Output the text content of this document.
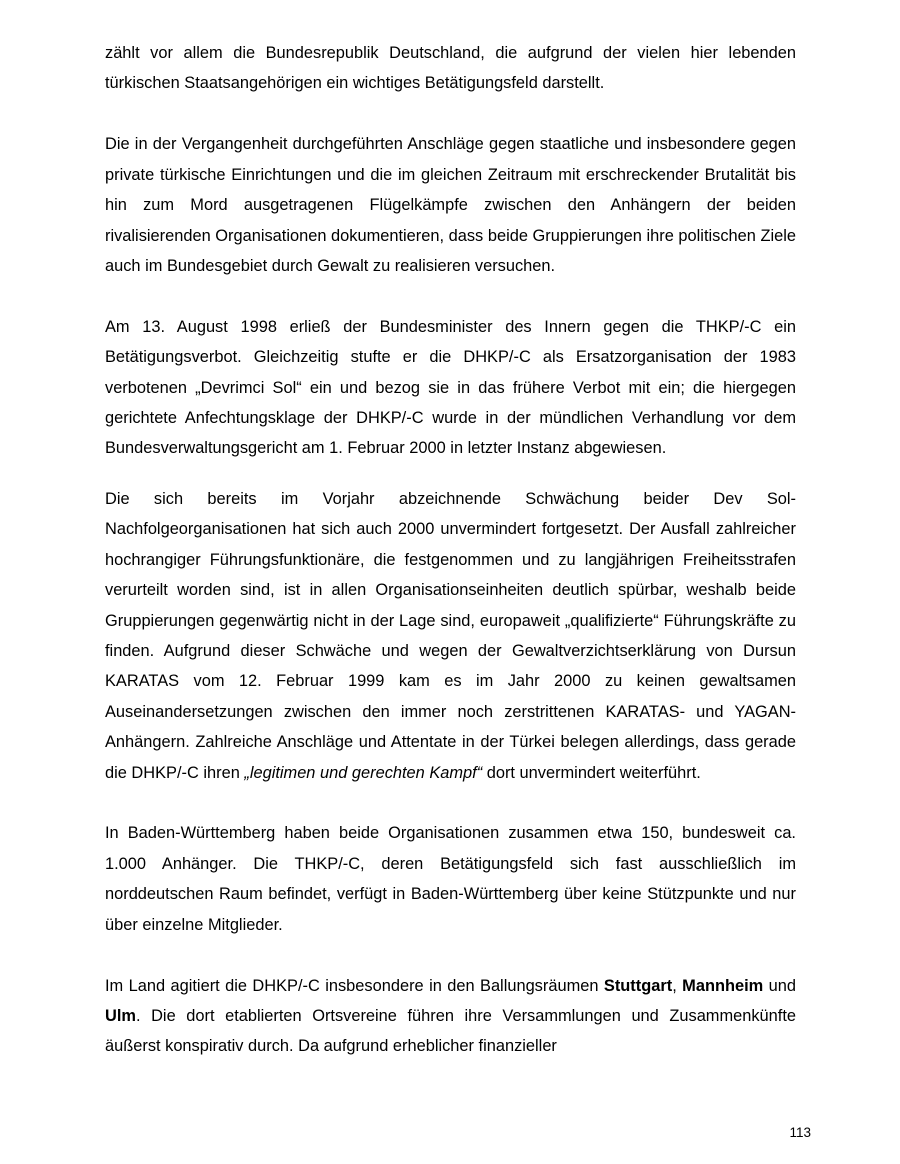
zählt vor allem die Bundesrepublik Deutschland, die aufgrund der vielen hier lebenden türkischen Staatsangehörigen ein wichtiges Betätigungsfeld darstellt.

Die in der Vergangenheit durchgeführten Anschläge gegen staatliche und insbesondere gegen private türkische Einrichtungen und die im gleichen Zeitraum mit erschreckender Brutalität bis hin zum Mord ausgetragenen Flügelkämpfe zwischen den Anhängern der beiden rivalisierenden Organisationen dokumentieren, dass beide Gruppierungen ihre politischen Ziele auch im Bundesgebiet durch Gewalt zu realisieren versuchen.

Am 13. August 1998 erließ der Bundesminister des Innern gegen die THKP/-C ein Betätigungsverbot. Gleichzeitig stufte er die DHKP/-C als Ersatzorganisation der 1983 verbotenen „Devrimci Sol“ ein und bezog sie in das frühere Verbot mit ein; die hiergegen gerichtete Anfechtungsklage der DHKP/-C wurde in der mündlichen Verhandlung vor dem Bundesverwaltungsgericht am 1. Februar 2000 in letzter Instanz abgewiesen.

Die sich bereits im Vorjahr abzeichnende Schwächung beider Dev Sol-Nachfolgeorganisationen hat sich auch 2000 unvermindert fortgesetzt. Der Ausfall zahlreicher hochrangiger Führungsfunktionäre, die festgenommen und zu langjährigen Freiheitsstrafen verurteilt worden sind, ist in allen Organisationseinheiten deutlich spürbar, weshalb beide Gruppierungen gegenwärtig nicht in der Lage sind, europaweit „qualifizierte“ Führungskräfte zu finden. Aufgrund dieser Schwäche und wegen der Gewaltverzichtserklärung von Dursun KARATAS vom 12. Februar 1999 kam es im Jahr 2000 zu keinen gewaltsamen Auseinandersetzungen zwischen den immer noch zerstrittenen KARATAS- und YAGAN-Anhängern. Zahlreiche Anschläge und Attentate in der Türkei belegen allerdings, dass gerade die DHKP/-C ihren „legitimen und gerechten Kampf“ dort unvermindert weiterführt.

In Baden-Württemberg haben beide Organisationen zusammen etwa 150, bundesweit ca. 1.000 Anhänger. Die THKP/-C, deren Betätigungsfeld sich fast ausschließlich im norddeutschen Raum befindet, verfügt in Baden-Württemberg über keine Stützpunkte und nur über einzelne Mitglieder.

Im Land agitiert die DHKP/-C insbesondere in den Ballungsräumen Stuttgart, Mannheim und Ulm. Die dort etablierten Ortsvereine führen ihre Versammlungen und Zusammenkünfte äußerst konspirativ durch. Da aufgrund erheblicher finanzieller

113
